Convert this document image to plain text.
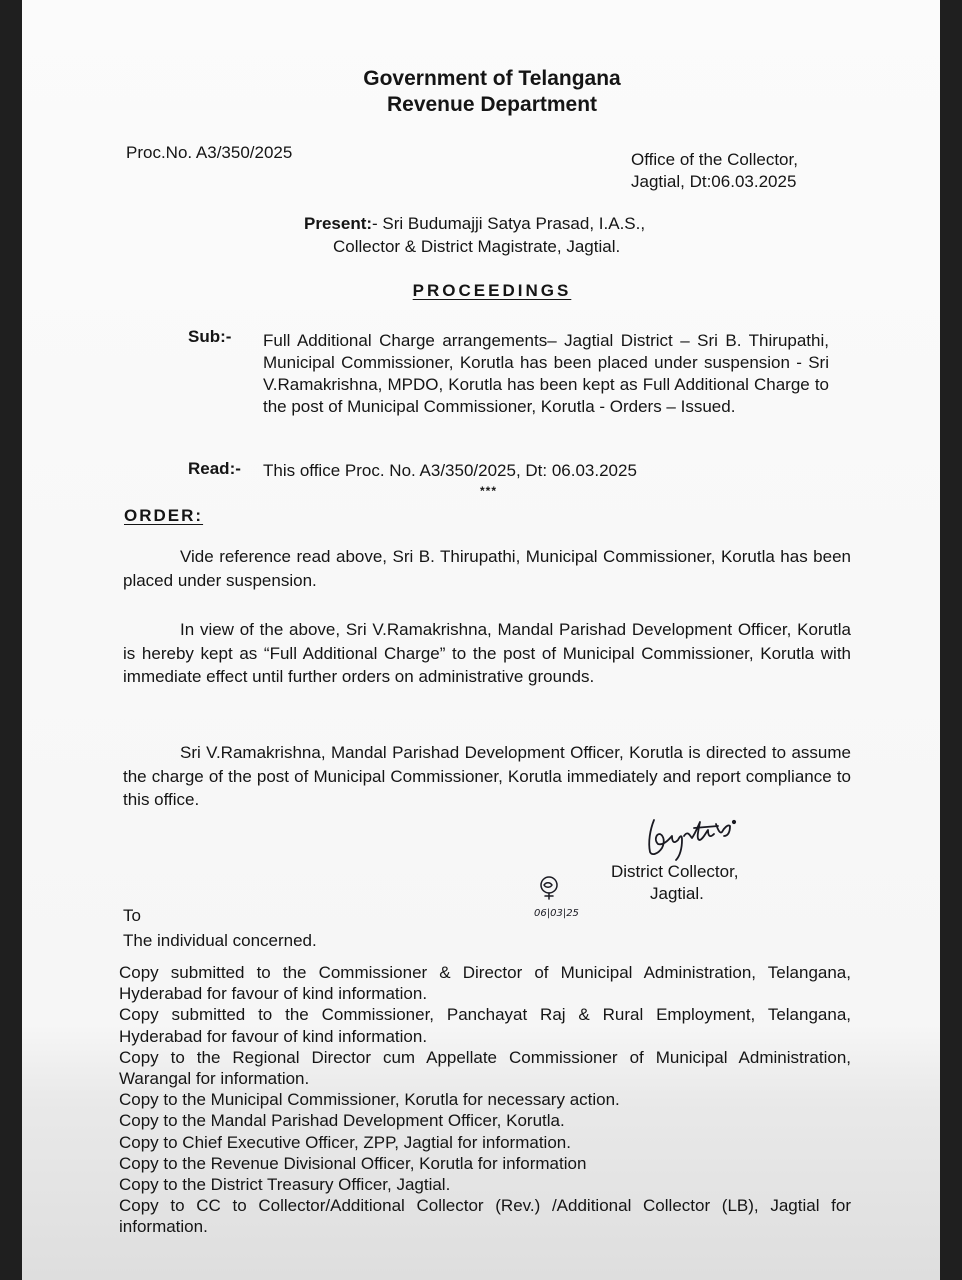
Government of Telangana
Revenue Department
Proc.No. A3/350/2025	Office of the Collector,
Jagtial, Dt:06.03.2025
Present:- Sri Budumajji Satya Prasad, I.A.S.,
Collector & District Magistrate, Jagtial.
PROCEEDINGS
Sub:- Full Additional Charge arrangements– Jagtial District – Sri B. Thirupathi, Municipal Commissioner, Korutla has been placed under suspension - Sri V.Ramakrishna, MPDO, Korutla has been kept as Full Additional Charge to the post of Municipal Commissioner, Korutla - Orders – Issued.
Read:- This office Proc. No. A3/350/2025, Dt: 06.03.2025
***
ORDER:
Vide reference read above, Sri B. Thirupathi, Municipal Commissioner, Korutla has been placed under suspension.
In view of the above, Sri V.Ramakrishna, Mandal Parishad Development Officer, Korutla is hereby kept as “Full Additional Charge” to the post of Municipal Commissioner, Korutla with immediate effect until further orders on administrative grounds.
Sri V.Ramakrishna, Mandal Parishad Development Officer, Korutla is directed to assume the charge of the post of Municipal Commissioner, Korutla immediately and report compliance to this office.
06|03|25
District Collector,
Jagtial.
To
The individual concerned.

Copy submitted to the Commissioner & Director of Municipal Administration, Telangana, Hyderabad for favour of kind information.

Copy submitted to the Commissioner, Panchayat Raj & Rural Employment, Telangana, Hyderabad for favour of kind information.

Copy to the Regional Director cum Appellate Commissioner of Municipal Administration, Warangal for information.

Copy to the Municipal Commissioner, Korutla for necessary action.

Copy to the Mandal Parishad Development Officer, Korutla.

Copy to Chief Executive Officer, ZPP, Jagtial for information.

Copy to the Revenue Divisional Officer, Korutla for information

Copy to the District Treasury Officer, Jagtial.

Copy to CC to Collector/Additional Collector (Rev.) /Additional Collector (LB), Jagtial for information.
